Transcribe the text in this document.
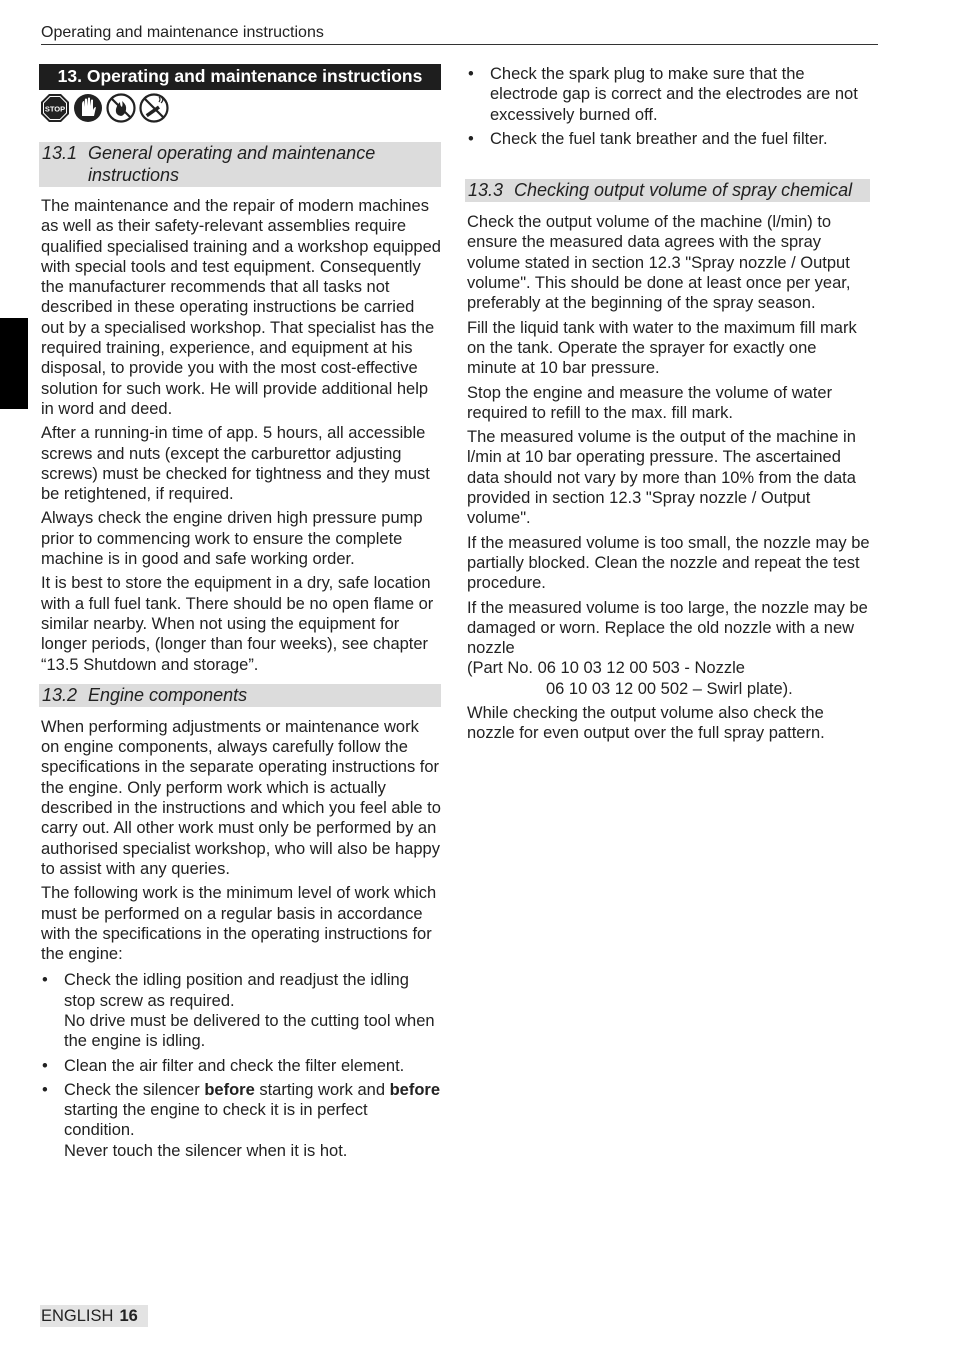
Operating and maintenance instructions
13. Operating and maintenance instructions
STOP
13.1 General operating and maintenance instructions

The maintenance and the repair of modern machines as well as their safety-relevant assemblies require qualified specialised training and a workshop equipped with special tools and test equipment. Consequently the manufacturer recommends that all tasks not described in these operating instructions be carried out by a specialised workshop. That specialist has the required training, experience, and equipment at his disposal, to provide you with the most cost-effective solution for such work. He will provide additional help in word and deed.

After a running-in time of app. 5 hours, all accessible screws and nuts (except the carburettor adjusting screws) must be checked for tightness and they must be retightened, if required.

Always check the engine driven high pressure pump prior to commencing work to ensure the complete machine is in good and safe working order.

It is best to store the equipment in a dry, safe location with a full fuel tank. There should be no open flame or similar nearby. When not using the equipment for longer periods, (longer than four weeks), see chapter “13.5 Shutdown and storage”.

13.2 Engine components

When performing adjustments or maintenance work on engine components, always carefully follow the specifications in the separate operating instructions for the engine. Only perform work which is actually described in the instructions and which you feel able to carry out. All other work must only be performed by an authorised specialist workshop, who will also be happy to assist with any queries.

The following work is the minimum level of work which must be performed on a regular basis in accordance with the specifications in the operating instructions for the engine:

• Check the idling position and readjust the idling stop screw as required.
No drive must be delivered to the cutting tool when the engine is idling.
• Clean the air filter and check the filter element.
• Check the silencer before starting work and before starting the engine to check it is in perfect condition.
Never touch the silencer when it is hot.
• Check the spark plug to make sure that the electrode gap is correct and the electrodes are not excessively burned off.
• Check the fuel tank breather and the fuel filter.
13.3 Checking output volume of spray chemical

Check the output volume of the machine (l/min) to ensure the measured data agrees with the spray volume stated in section 12.3 "Spray nozzle / Output volume". This should be done at least once per year, preferably at the beginning of the spray season.

Fill the liquid tank with water to the maximum fill mark on the tank. Operate the sprayer for exactly one minute at 10 bar pressure.

Stop the engine and measure the volume of water required to refill to the max. fill mark.

The measured volume is the output of the machine in l/min at 10 bar operating pressure. The ascertained data should not vary by more than 10% from the data provided in section 12.3 "Spray nozzle / Output volume".

If the measured volume is too small, the nozzle may be partially blocked. Clean the nozzle and repeat the test procedure.

If the measured volume is too large, the nozzle may be damaged or worn. Replace the old nozzle with a new nozzle
(Part No. 06 10 03 12 00 503 - Nozzle
06 10 03 12 00 502 – Swirl plate).

While checking the output volume also check the nozzle for even output over the full spray pattern.

ENGLISH 16
